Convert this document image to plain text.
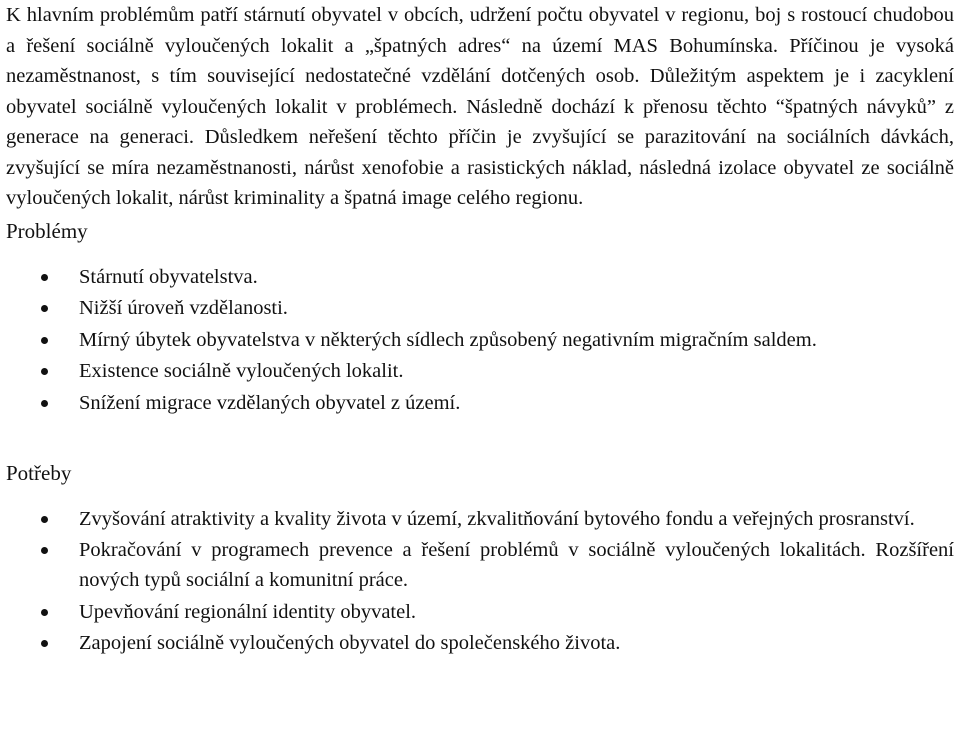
K hlavním problémům patří stárnutí obyvatel v obcích, udržení počtu obyvatel v regionu, boj s rostoucí chudobou a řešení sociálně vyloučených lokalit a „špatných adres“ na území MAS Bohumínska. Příčinou je vysoká nezaměstnanost, s tím související nedostatečné vzdělání dotčených osob. Důležitým aspektem je i zacyklení obyvatel sociálně vyloučených lokalit v problémech. Následně dochází k přenosu těchto “špatných návyků” z generace na generaci. Důsledkem neřešení těchto příčin je zvyšující se parazitování na sociálních dávkách, zvyšující se míra nezaměstnanosti, nárůst xenofobie a rasistických náklad, následná izolace obyvatel ze sociálně vyloučených lokalit, nárůst kriminality a špatná image celého regionu.

Problémy
Stárnutí obyvatelstva.
Nižší úroveň vzdělanosti.
Mírný úbytek obyvatelstva v některých sídlech způsobený negativním migračním saldem.
Existence sociálně vyloučených lokalit.
Snížení migrace vzdělaných obyvatel z území.
Potřeby
Zvyšování atraktivity a kvality života v území, zkvalitňování bytového fondu a veřejných prosranství.
Pokračování v programech prevence a řešení problémů v sociálně vyloučených lokalitách. Rozšíření nových typů sociální a komunitní práce.
Upevňování regionální identity obyvatel.
Zapojení sociálně vyloučených obyvatel do společenského života.
